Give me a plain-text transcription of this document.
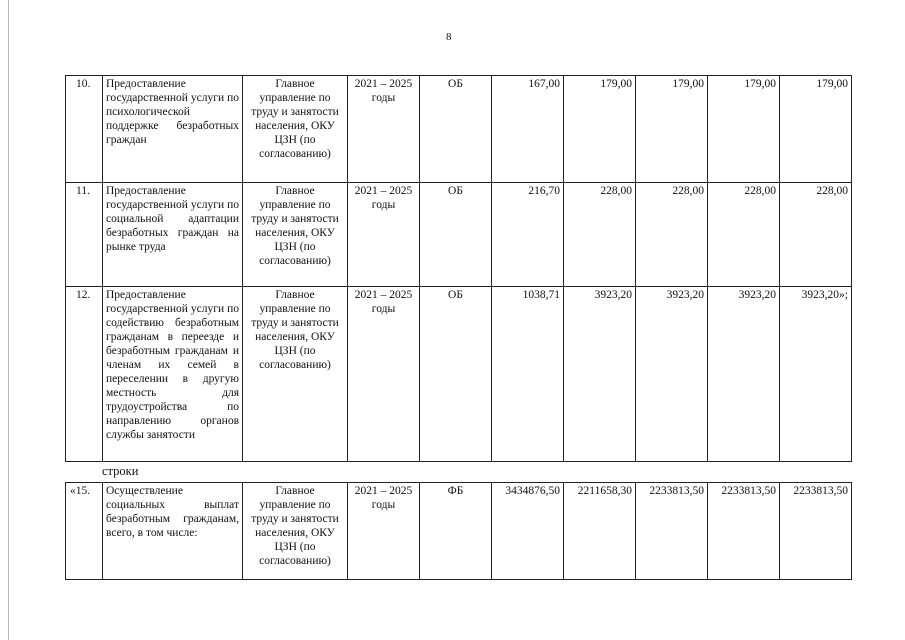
8
10.	Предоставление государственной услуги по психологической поддержке безработных граждан	Главное управление по труду и занятости населения, ОКУ ЦЗН (по согласованию)	2021 – 2025 годы	ОБ	167,00	179,00	179,00	179,00	179,00
11.	Предоставление государственной услуги по социальной адаптации безработных граждан на рынке труда	Главное управление по труду и занятости населения, ОКУ ЦЗН (по согласованию)	2021 – 2025 годы	ОБ	216,70	228,00	228,00	228,00	228,00
12.	Предоставление государственной услуги по содействию безработным гражданам в переезде и безработным гражданам и членам их семей в переселении в другую местность для трудоустройства по направлению органов службы занятости	Главное управление по труду и занятости населения, ОКУ ЦЗН (по согласованию)	2021 – 2025 годы	ОБ	1038,71	3923,20	3923,20	3923,20	3923,20»;
строки
«15.	Осуществление социальных выплат безработным гражданам, всего, в том числе:	Главное управление по труду и занятости населения, ОКУ ЦЗН (по согласованию)	2021 – 2025 годы	ФБ	3434876,50	2211658,30	2233813,50	2233813,50	2233813,50
